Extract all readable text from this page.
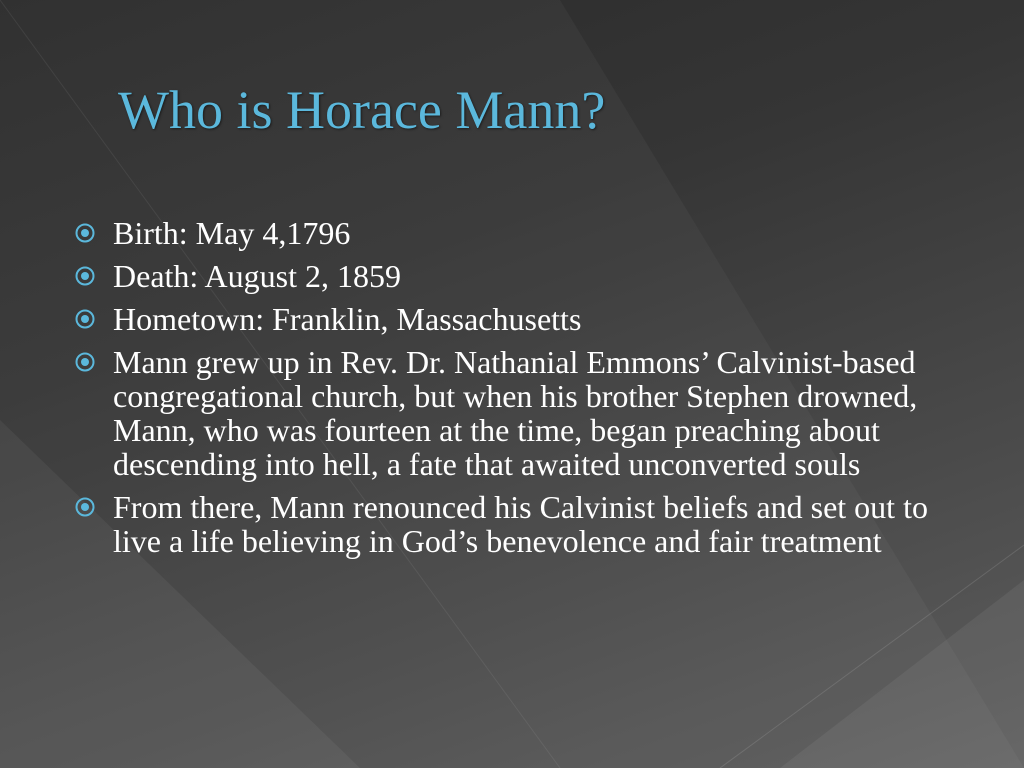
Who is Horace Mann?
Birth: May 4,1796
Death: August 2, 1859
Hometown: Franklin, Massachusetts
Mann grew up in Rev. Dr. Nathanial Emmons’ Calvinist-based congregational church, but when his brother Stephen drowned, Mann, who was fourteen at the time, began preaching about descending into hell, a fate that awaited unconverted souls
From there, Mann renounced his Calvinist beliefs and set out to live a life believing in God’s benevolence and fair treatment
